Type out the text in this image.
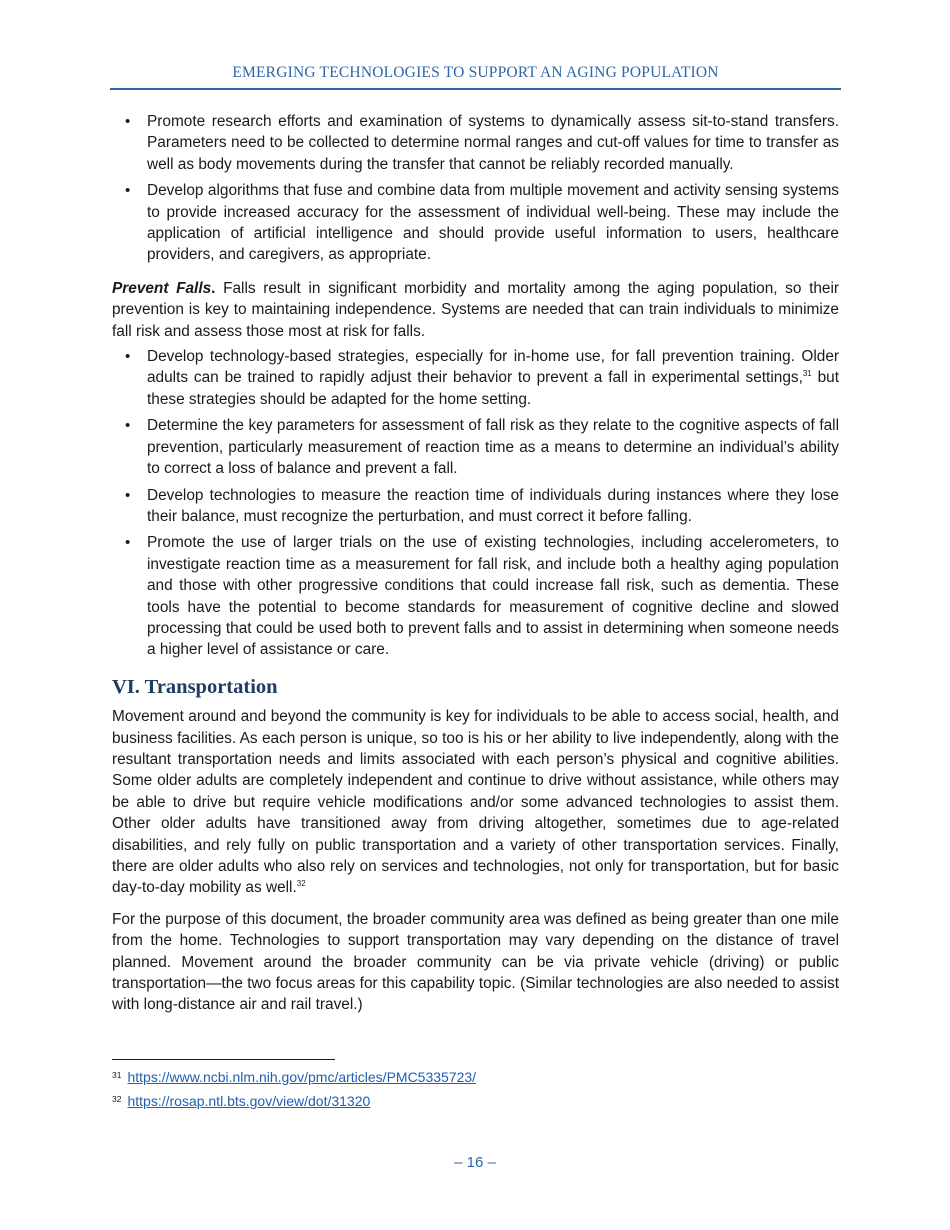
EMERGING TECHNOLOGIES TO SUPPORT AN AGING POPULATION
• Promote research efforts and examination of systems to dynamically assess sit-to-stand transfers. Parameters need to be collected to determine normal ranges and cut-off values for time to transfer as well as body movements during the transfer that cannot be reliably recorded manually.
• Develop algorithms that fuse and combine data from multiple movement and activity sensing systems to provide increased accuracy for the assessment of individual well-being. These may include the application of artificial intelligence and should provide useful information to users, healthcare providers, and caregivers, as appropriate.

Prevent Falls. Falls result in significant morbidity and mortality among the aging population, so their prevention is key to maintaining independence. Systems are needed that can train individuals to minimize fall risk and assess those most at risk for falls.

• Develop technology-based strategies, especially for in-home use, for fall prevention training. Older adults can be trained to rapidly adjust their behavior to prevent a fall in experimental settings,$^{31}$ but these strategies should be adapted for the home setting.
• Determine the key parameters for assessment of fall risk as they relate to the cognitive aspects of fall prevention, particularly measurement of reaction time as a means to determine an individual’s ability to correct a loss of balance and prevent a fall.
• Develop technologies to measure the reaction time of individuals during instances where they lose their balance, must recognize the perturbation, and must correct it before falling.
• Promote the use of larger trials on the use of existing technologies, including accelerometers, to investigate reaction time as a measurement for fall risk, and include both a healthy aging population and those with other progressive conditions that could increase fall risk, such as dementia. These tools have the potential to become standards for measurement of cognitive decline and slowed processing that could be used both to prevent falls and to assist in determining when someone needs a higher level of assistance or care.
VI. Transportation

Movement around and beyond the community is key for individuals to be able to access social, health, and business facilities. As each person is unique, so too is his or her ability to live independently, along with the resultant transportation needs and limits associated with each person’s physical and cognitive abilities. Some older adults are completely independent and continue to drive without assistance, while others may be able to drive but require vehicle modifications and/or some advanced technologies to assist them. Other older adults have transitioned away from driving altogether, sometimes due to age-related disabilities, and rely fully on public transportation and a variety of other transportation services. Finally, there are older adults who also rely on services and technologies, not only for transportation, but for basic day-to-day mobility as well.$^{32}$

For the purpose of this document, the broader community area was defined as being greater than one mile from the home. Technologies to support transportation may vary depending on the distance of travel planned. Movement around the broader community can be via private vehicle (driving) or public transportation—the two focus areas for this capability topic. (Similar technologies are also needed to assist with long-distance air and rail travel.)

$^{31}$ https://www.ncbi.nlm.nih.gov/pmc/articles/PMC5335723/
$^{32}$ https://rosap.ntl.bts.gov/view/dot/31320
– 16 –
